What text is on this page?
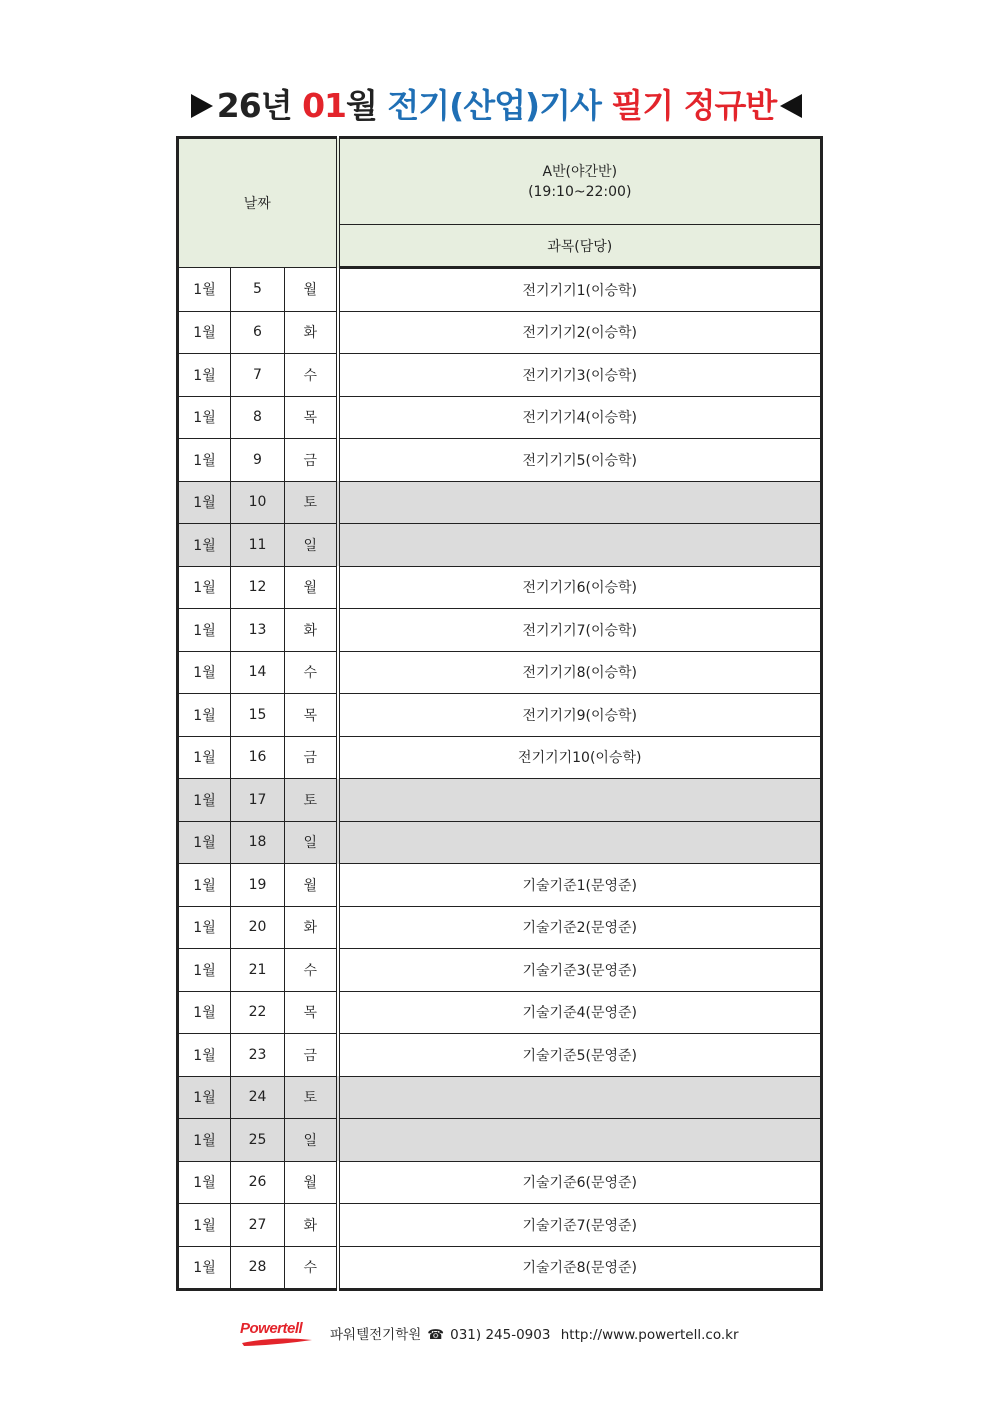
26년 01월 전기(산업)기사 필기 정규반
날짜			A반(야간반)
(19:10~22:00)

			과목(담당)
1월	5	월	전기기기1(이승학)
1월	6	화	전기기기2(이승학)
1월	7	수	전기기기3(이승학)
1월	8	목	전기기기4(이승학)
1월	9	금	전기기기5(이승학)
1월	10	토	
1월	11	일	
1월	12	월	전기기기6(이승학)
1월	13	화	전기기기7(이승학)
1월	14	수	전기기기8(이승학)
1월	15	목	전기기기9(이승학)
1월	16	금	전기기기10(이승학)
1월	17	토	
1월	18	일	
1월	19	월	기술기준1(문영준)
1월	20	화	기술기준2(문영준)
1월	21	수	기술기준3(문영준)
1월	22	목	기술기준4(문영준)
1월	23	금	기술기준5(문영준)
1월	24	토	
1월	25	일	
1월	26	월	기술기준6(문영준)
1월	27	화	기술기준7(문영준)
1월	28	수	기술기준8(문영준)
Powertell 파워텔전기학원 ☎ 031) 245-0903 http://www.powertell.co.kr
